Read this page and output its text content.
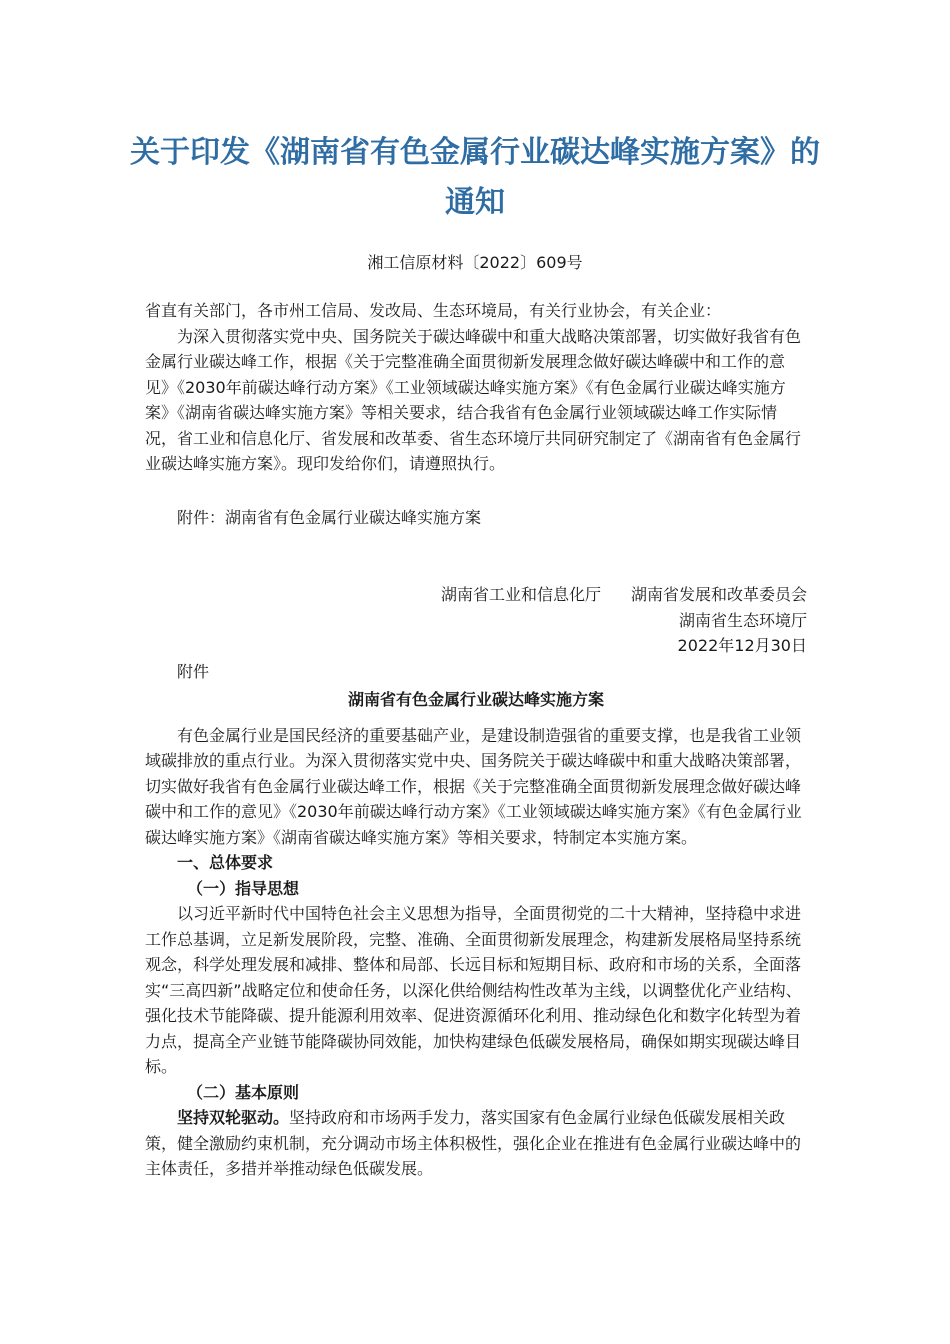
关于印发《湖南省有色金属行业碳达峰实施方案》的通知
湘工信原材料〔2022〕609号

省直有关部门，各市州工信局、发改局、生态环境局，有关行业协会，有关企业：

为深入贯彻落实党中央、国务院关于碳达峰碳中和重大战略决策部署，切实做好我省有色金属行业碳达峰工作，根据《关于完整准确全面贯彻新发展理念做好碳达峰碳中和工作的意见》《2030年前碳达峰行动方案》《工业领域碳达峰实施方案》《有色金属行业碳达峰实施方案》《湖南省碳达峰实施方案》等相关要求，结合我省有色金属行业领域碳达峰工作实际情况，省工业和信息化厅、省发展和改革委、省生态环境厅共同研究制定了《湖南省有色金属行业碳达峰实施方案》。现印发给你们，请遵照执行。

附件：湖南省有色金属行业碳达峰实施方案

湖南省工业和信息化厅 湖南省发展和改革委员会

湖南省生态环境厅

2022年12月30日

附件

湖南省有色金属行业碳达峰实施方案

有色金属行业是国民经济的重要基础产业，是建设制造强省的重要支撑，也是我省工业领域碳排放的重点行业。为深入贯彻落实党中央、国务院关于碳达峰碳中和重大战略决策部署，切实做好我省有色金属行业碳达峰工作，根据《关于完整准确全面贯彻新发展理念做好碳达峰碳中和工作的意见》《2030年前碳达峰行动方案》《工业领域碳达峰实施方案》《有色金属行业碳达峰实施方案》《湖南省碳达峰实施方案》等相关要求，特制定本实施方案。

一、总体要求

（一）指导思想

以习近平新时代中国特色社会主义思想为指导，全面贯彻党的二十大精神，坚持稳中求进工作总基调，立足新发展阶段，完整、准确、全面贯彻新发展理念，构建新发展格局坚持系统观念，科学处理发展和减排、整体和局部、长远目标和短期目标、政府和市场的关系，全面落实“三高四新”战略定位和使命任务，以深化供给侧结构性改革为主线，以调整优化产业结构、强化技术节能降碳、提升能源利用效率、促进资源循环化利用、推动绿色化和数字化转型为着力点，提高全产业链节能降碳协同效能，加快构建绿色低碳发展格局，确保如期实现碳达峰目标。

（二）基本原则

坚持双轮驱动。坚持政府和市场两手发力，落实国家有色金属行业绿色低碳发展相关政策，健全激励约束机制，充分调动市场主体积极性，强化企业在推进有色金属行业碳达峰中的主体责任，多措并举推动绿色低碳发展。
